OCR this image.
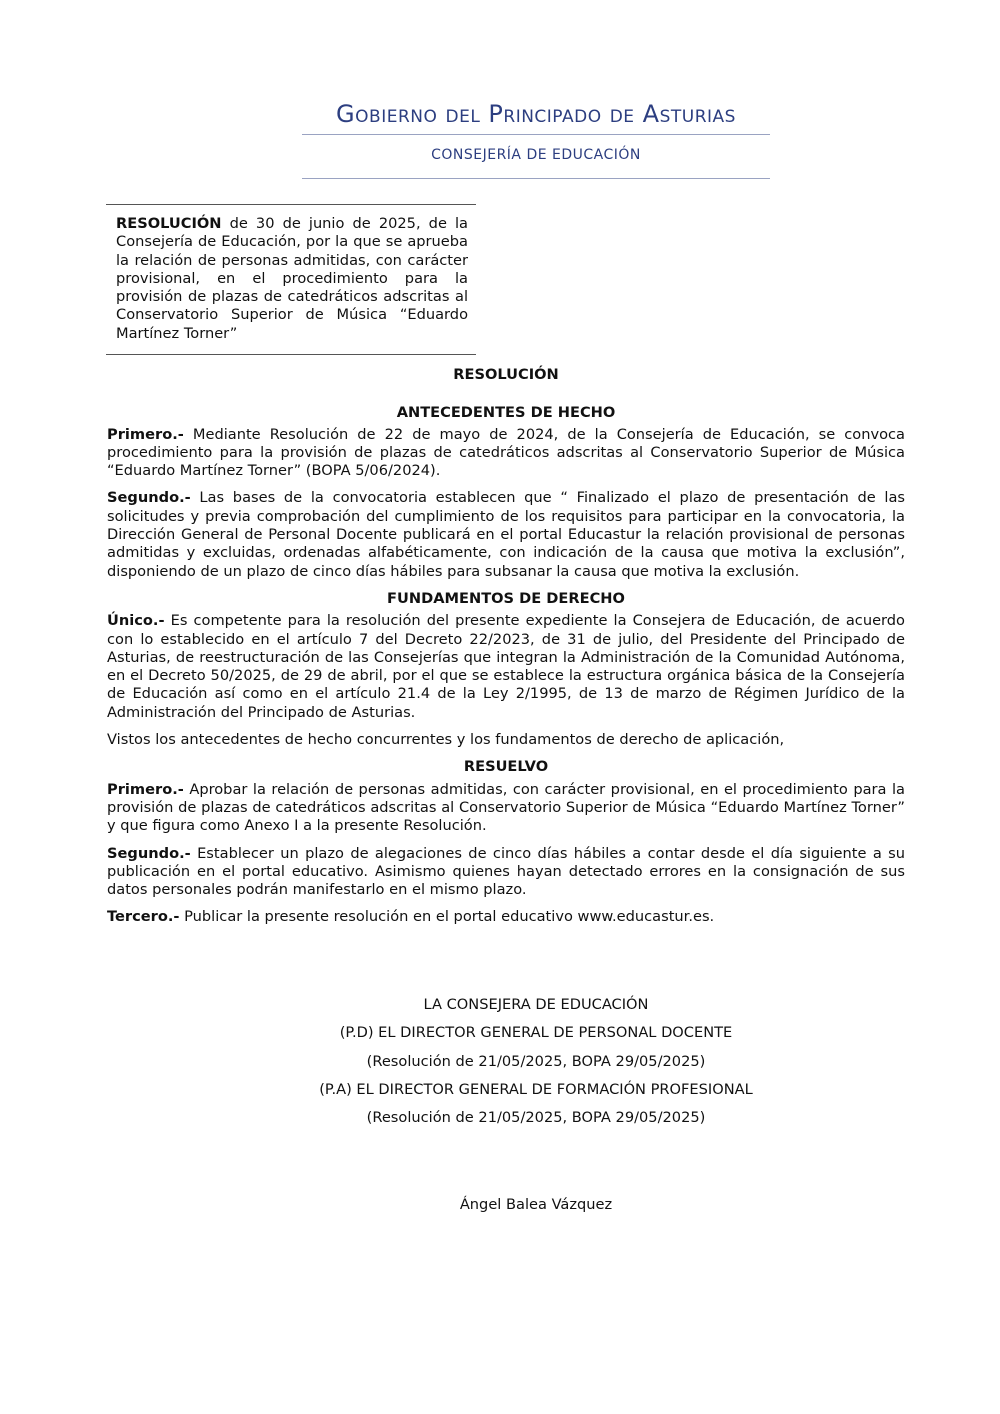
Gobierno del Principado de Asturias
CONSEJERÍA DE EDUCACIÓN
RESOLUCIÓN de 30 de junio de 2025, de la Consejería de Educación, por la que se aprueba la relación de personas admitidas, con carácter provisional, en el procedimiento para la provisión de plazas de catedráticos adscritas al Conservatorio Superior de Música “Eduardo Martínez Torner”
RESOLUCIÓN
ANTECEDENTES DE HECHO

Primero.- Mediante Resolución de 22 de mayo de 2024, de la Consejería de Educación, se convoca procedimiento para la provisión de plazas de catedráticos adscritas al Conservatorio Superior de Música “Eduardo Martínez Torner” (BOPA 5/06/2024).

Segundo.- Las bases de la convocatoria establecen que “ Finalizado el plazo de presentación de las solicitudes y previa comprobación del cumplimiento de los requisitos para participar en la convocatoria, la Dirección General de Personal Docente publicará en el portal Educastur la relación provisional de personas admitidas y excluidas, ordenadas alfabéticamente, con indicación de la causa que motiva la exclusión”, disponiendo de un plazo de cinco días hábiles para subsanar la causa que motiva la exclusión.

FUNDAMENTOS DE DERECHO

Único.- Es competente para la resolución del presente expediente la Consejera de Educación, de acuerdo con lo establecido en el artículo 7 del Decreto 22/2023, de 31 de julio, del Presidente del Principado de Asturias, de reestructuración de las Consejerías que integran la Administración de la Comunidad Autónoma, en el Decreto 50/2025, de 29 de abril, por el que se establece la estructura orgánica básica de la Consejería de Educación así como en el artículo 21.4 de la Ley 2/1995, de 13 de marzo de Régimen Jurídico de la Administración del Principado de Asturias.

Vistos los antecedentes de hecho concurrentes y los fundamentos de derecho de aplicación,

RESUELVO

Primero.- Aprobar la relación de personas admitidas, con carácter provisional, en el procedimiento para la provisión de plazas de catedráticos adscritas al Conservatorio Superior de Música “Eduardo Martínez Torner” y que figura como Anexo I a la presente Resolución.

Segundo.- Establecer un plazo de alegaciones de cinco días hábiles a contar desde el día siguiente a su publicación en el portal educativo. Asimismo quienes hayan detectado errores en la consignación de sus datos personales podrán manifestarlo en el mismo plazo.

Tercero.- Publicar la presente resolución en el portal educativo www.educastur.es.

LA CONSEJERA DE EDUCACIÓN
(P.D) EL DIRECTOR GENERAL DE PERSONAL DOCENTE
(Resolución de 21/05/2025, BOPA 29/05/2025)
(P.A) EL DIRECTOR GENERAL DE FORMACIÓN PROFESIONAL
(Resolución de 21/05/2025, BOPA 29/05/2025)
Ángel Balea Vázquez
